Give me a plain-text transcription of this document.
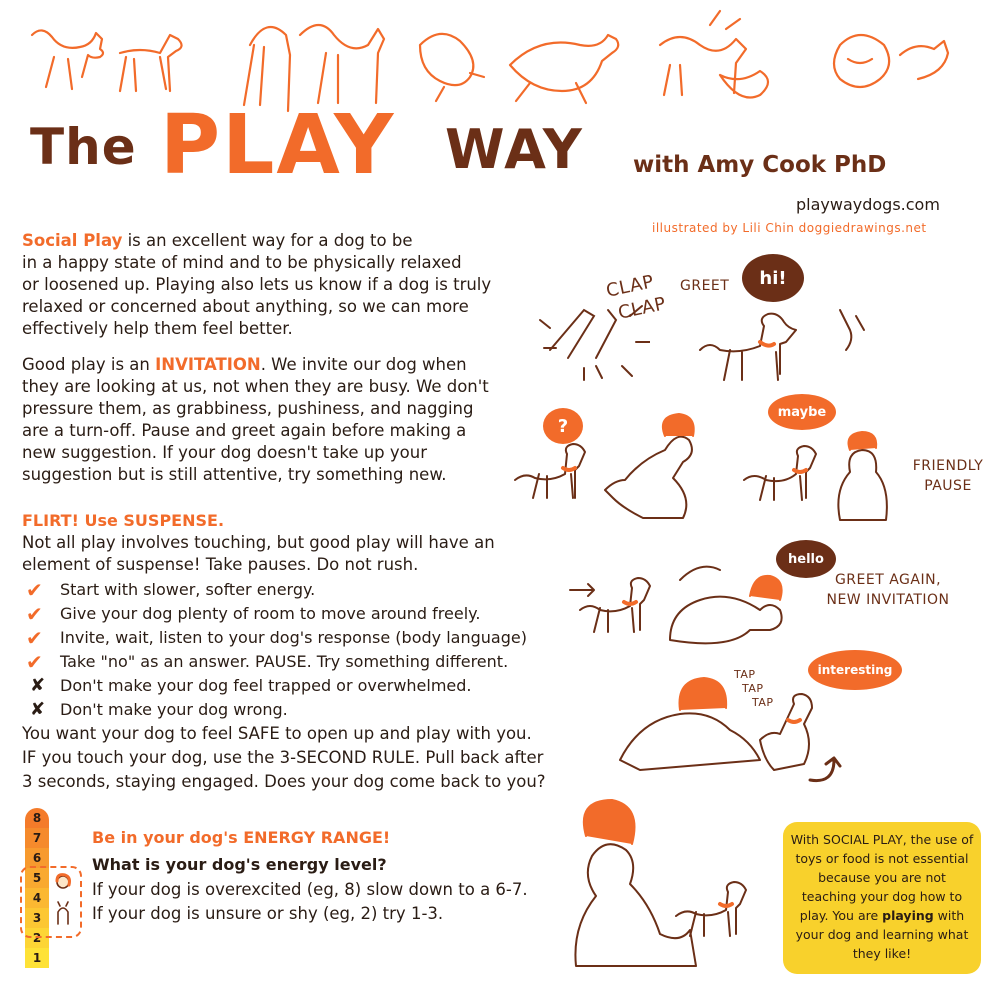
The PLAY WAY with Amy Cook PhD
playwaydogs.com
illustrated by Lili Chin doggiedrawings.net
Social Play is an excellent way for a dog to be
in a happy state of mind and to be physically relaxed
or loosened up. Playing also lets us know if a dog is truly
relaxed or concerned about anything, so we can more
effectively help them feel better.
Good play is an INVITATION. We invite our dog when
they are looking at us, not when they are busy. We don't
pressure them, as grabbiness, pushiness, and nagging
are a turn-off. Pause and greet again before making a
new suggestion. If your dog doesn't take up your
suggestion but is still attentive, try something new.
FLIRT! Use SUSPENSE.
Not all play involves touching, but good play will have an
element of suspense! Take pauses. Do not rush.
✔	Start with slower, softer energy.
✔	Give your dog plenty of room to move around freely.
✔	Invite, wait, listen to your dog's response (body language)
✔	Take "no" as an answer. PAUSE. Try something different.
✘ Don't make your dog feel trapped or overwhelmed.
✘ Don't make your dog wrong.
You want your dog to feel SAFE to open up and play with you.
IF you touch your dog, use the 3-SECOND RULE. Pull back after
3 seconds, staying engaged. Does your dog come back to you?
8
7
6
5
4
3
2
1
Be in your dog's ENERGY RANGE!
What is your dog's energy level?
If your dog is overexcited (eg, 8) slow down to a 6-7.
If your dog is unsure or shy (eg, 2) try 1-3.
CLAP
CLAP
GREET	hi!
?
maybe
FRIENDLY
PAUSE
hello
GREET AGAIN,
NEW INVITATION
interesting
TAP
TAP
TAP
With SOCIAL PLAY, the use of toys or food is not essential because you are not teaching your dog how to play. You are playing with your dog and learning what they like!
